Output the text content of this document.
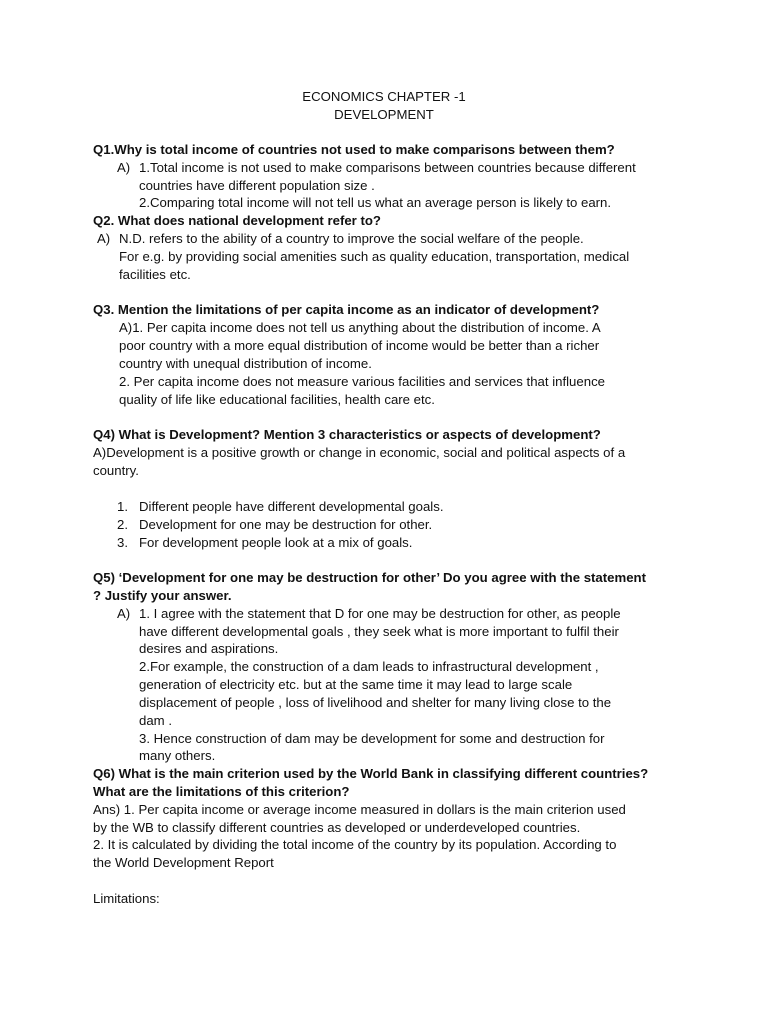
ECONOMICS CHAPTER -1
DEVELOPMENT
Q1.Why is total income of countries not used to make comparisons between them?
A) 1.Total income is not used to make comparisons between countries because different
countries have different population size .
2.Comparing total income will not tell us what an average person is likely to earn.
Q2. What does national development refer to?
A) N.D. refers to the ability of a country to improve the social welfare of the people.
For e.g. by providing social amenities such as quality education, transportation, medical
facilities etc.
Q3. Mention the limitations of per capita income as an indicator of development?
A)1. Per capita income does not tell us anything about the distribution of income. A
poor country with a more equal distribution of income would be better than a richer
country with unequal distribution of income.
2. Per capita income does not measure various facilities and services that influence
quality of life like educational facilities, health care etc.
Q4) What is Development? Mention 3 characteristics or aspects of development?
A)Development is a positive growth or change in economic, social and political aspects of a
country.
1. Different people have different developmental goals.
2. Development for one may be destruction for other.
3. For development people look at a mix of goals.
Q5) ‘Development for one may be destruction for other’ Do you agree with the statement
? Justify your answer.
A) 1. I agree with the statement that D for one may be destruction for other, as people
have different developmental goals , they seek what is more important to fulfil their
desires and aspirations.
2.For example, the construction of a dam leads to infrastructural development ,
generation of electricity etc. but at the same time it may lead to large scale
displacement of people , loss of livelihood and shelter for many living close to the
dam .
3. Hence construction of dam may be development for some and destruction for
many others.
Q6) What is the main criterion used by the World Bank in classifying different countries?
What are the limitations of this criterion?
Ans) 1. Per capita income or average income measured in dollars is the main criterion used
by the WB to classify different countries as developed or underdeveloped countries.
2. It is calculated by dividing the total income of the country by its population. According to
the World Development Report
Limitations:
